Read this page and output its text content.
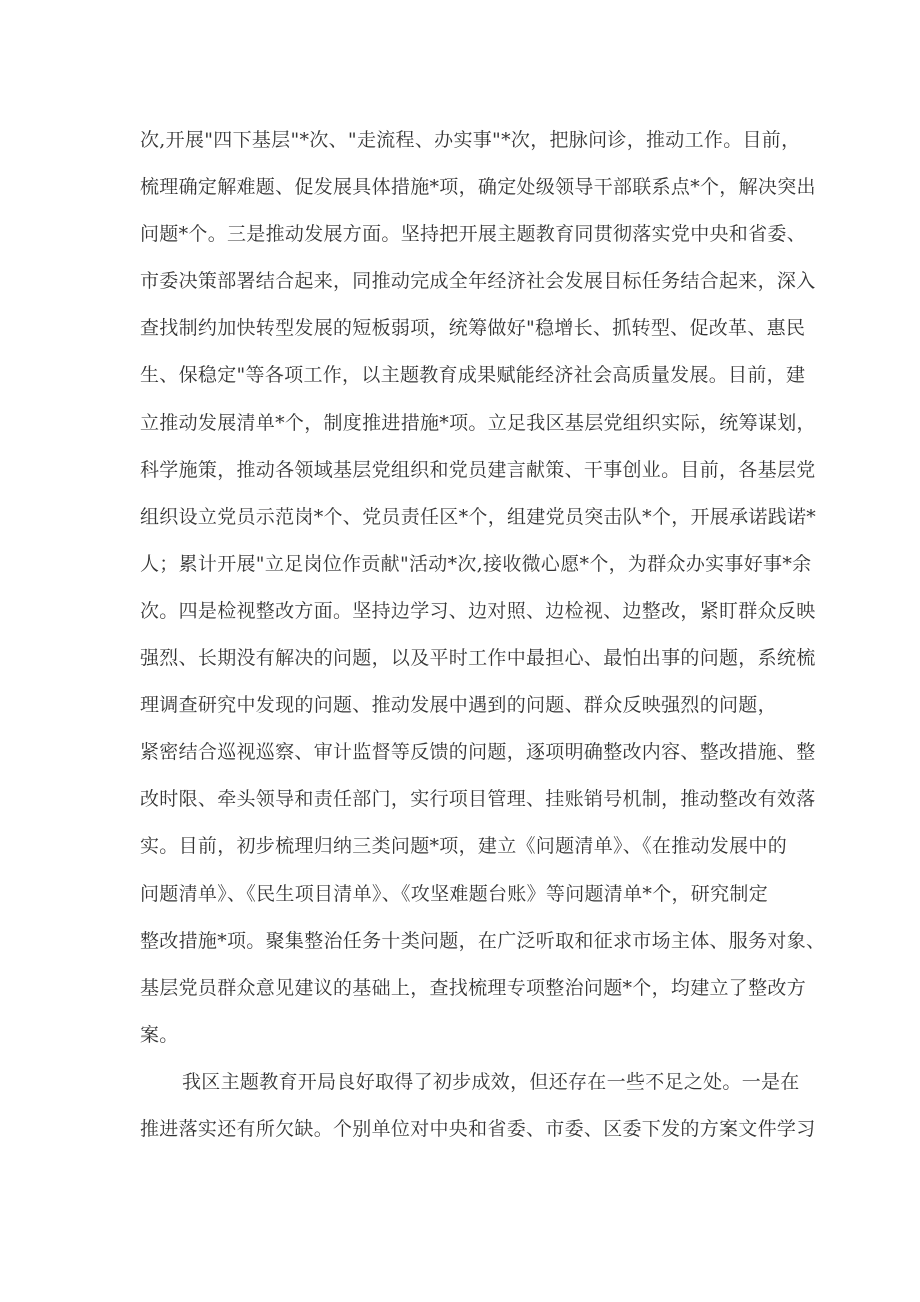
次,开展"四下基层"*次、"走流程、办实事"*次，把脉问诊，推动工作。目前，
梳理确定解难题、促发展具体措施*项，确定处级领导干部联系点*个，解决突出
问题*个。三是推动发展方面。坚持把开展主题教育同贯彻落实党中央和省委、
市委决策部署结合起来，同推动完成全年经济社会发展目标任务结合起来，深入
查找制约加快转型发展的短板弱项，统筹做好"稳增长、抓转型、促改革、惠民
生、保稳定"等各项工作，以主题教育成果赋能经济社会高质量发展。目前，建
立推动发展清单*个，制度推进措施*项。立足我区基层党组织实际，统筹谋划，
科学施策，推动各领域基层党组织和党员建言献策、干事创业。目前，各基层党
组织设立党员示范岗*个、党员责任区*个，组建党员突击队*个，开展承诺践诺*
人；累计开展"立足岗位作贡献"活动*次,接收微心愿*个，为群众办实事好事*余
次。四是检视整改方面。坚持边学习、边对照、边检视、边整改，紧盯群众反映
强烈、长期没有解决的问题，以及平时工作中最担心、最怕出事的问题，系统梳
理调查研究中发现的问题、推动发展中遇到的问题、群众反映强烈的问题，
紧密结合巡视巡察、审计监督等反馈的问题，逐项明确整改内容、整改措施、整
改时限、牵头领导和责任部门，实行项目管理、挂账销号机制，推动整改有效落
实。目前，初步梳理归纳三类问题*项，建立《问题清单》、《在推动发展中的
问题清单》、《民生项目清单》、《攻坚难题台账》等问题清单*个，研究制定
整改措施*项。聚集整治任务十类问题，在广泛听取和征求市场主体、服务对象、
基层党员群众意见建议的基础上，查找梳理专项整治问题*个，均建立了整改方
案。
我区主题教育开局良好取得了初步成效，但还存在一些不足之处。一是在
推进落实还有所欠缺。个别单位对中央和省委、市委、区委下发的方案文件学习
